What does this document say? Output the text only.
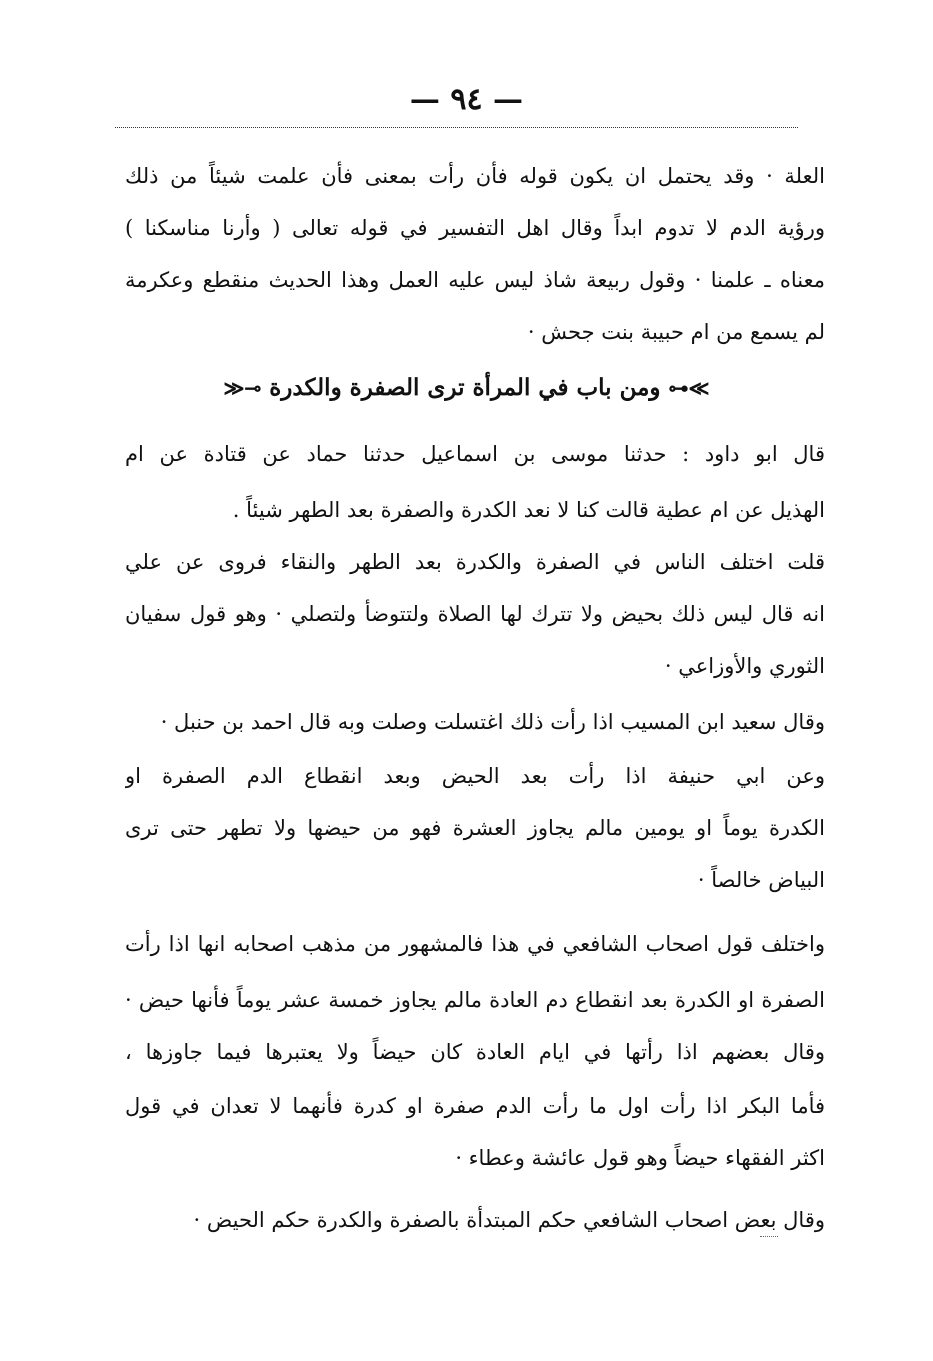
— ٩٤ —
العلة · وقد يحتمل ان يكون قوله فأن رأت بمعنى فأن علمت شيئاً من ذلك
ورؤية الدم لا تدوم ابداً وقال اهل التفسير في قوله تعالى ( وأرنا مناسكنا )
معناه ـ علمنا · وقول ربيعة شاذ ليس عليه العمل وهذا الحديث منقطع وعكرمة
لم يسمع من ام حبيبة بنت جحش ·
≫⊷ ومن باب في المرأة ترى الصفرة والكدرة ⊸≪
قال ابو داود : حدثنا موسى بن اسماعيل حدثنا حماد عن قتادة عن ام
الهذيل عن ام عطية قالت كنا لا نعد الكدرة والصفرة بعد الطهر شيئاً .
قلت اختلف الناس في الصفرة والكدرة بعد الطهر والنقاء فروى عن علي
انه قال ليس ذلك بحيض ولا تترك لها الصلاة ولتتوضأ ولتصلي · وهو قول سفيان
الثوري والأوزاعي ·
وقال سعيد ابن المسيب اذا رأت ذلك اغتسلت وصلت وبه قال احمد بن حنبل ·
وعن ابي حنيفة اذا رأت بعد الحيض وبعد انقطاع الدم الصفرة او
الكدرة يوماً او يومين مالم يجاوز العشرة فهو من حيضها ولا تطهر حتى ترى
البياض خالصاً ·
واختلف قول اصحاب الشافعي في هذا فالمشهور من مذهب اصحابه انها اذا رأت
الصفرة او الكدرة بعد انقطاع دم العادة مالم يجاوز خمسة عشر يوماً فأنها حيض ·
وقال بعضهم اذا رأتها في ايام العادة كان حيضاً ولا يعتبرها فيما جاوزها ،
فأما البكر اذا رأت اول ما رأت الدم صفرة او كدرة فأنهما لا تعدان في قول
اكثر الفقهاء حيضاً وهو قول عائشة وعطاء ·
وقال بعض اصحاب الشافعي حكم المبتدأة بالصفرة والكدرة حكم الحيض ·
